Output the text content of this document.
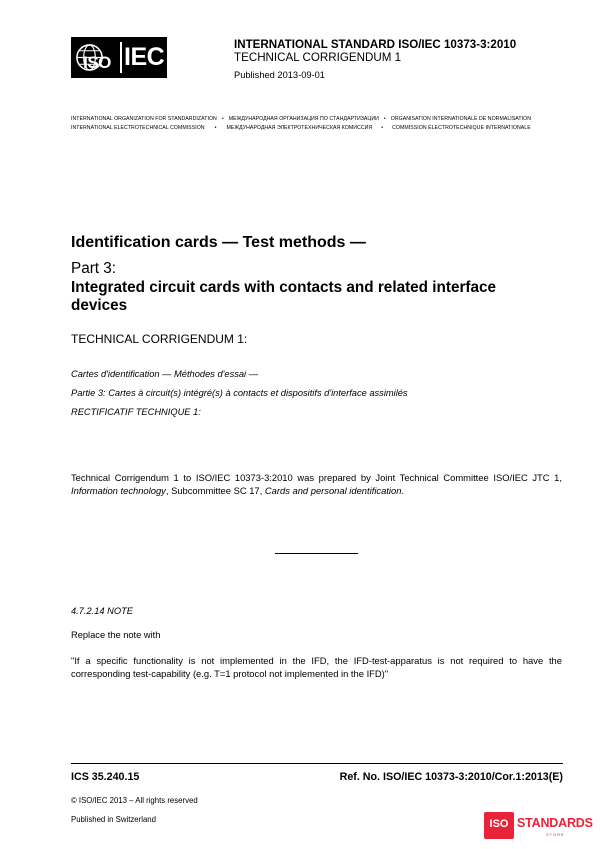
ISO IEC	INTERNATIONAL STANDARD ISO/IEC 10373-3:2010
TECHNICAL CORRIGENDUM 1
Published 2013-09-01
INTERNATIONAL ORGANIZATION FOR STANDARDIZATION • МЕЖДУНАРОДНАЯ ОРГАНИЗАЦИЯ ПО СТАНДАРТИЗАЦИИ • ORGANISATION INTERNATIONALE DE NORMALISATION
INTERNATIONAL ELECTROTECHNICAL COMMISSION • МЕЖДУНАРОДНАЯ ЭЛЕКТРОТЕХНИЧЕСКАЯ КОМИССИЯ • COMMISSION ÉLECTROTECHNIQUE INTERNATIONALE
Identification cards — Test methods —
Part 3:
Integrated circuit cards with contacts and related interface devices
TECHNICAL CORRIGENDUM 1:
Cartes d'identification — Méthodes d'essai —
Partie 3: Cartes à circuit(s) intégré(s) à contacts et dispositifs d'interface assimilés
RECTIFICATIF TECHNIQUE 1:
Technical Corrigendum 1 to ISO/IEC 10373-3:2010 was prepared by Joint Technical Committee ISO/IEC JTC 1, Information technology, Subcommittee SC 17, Cards and personal identification.
4.7.2.14 NOTE
Replace the note with
"If a specific functionality is not implemented in the IFD, the IFD-test-apparatus is not required to have the corresponding test-capability (e.g. T=1 protocol not implemented in the IFD)"
ICS 35.240.15	Ref. No. ISO/IEC 10373-3:2010/Cor.1:2013(E)
© ISO/IEC 2013 – All rights reserved
Published in Switzerland	ISO STANDARDS
STORE
